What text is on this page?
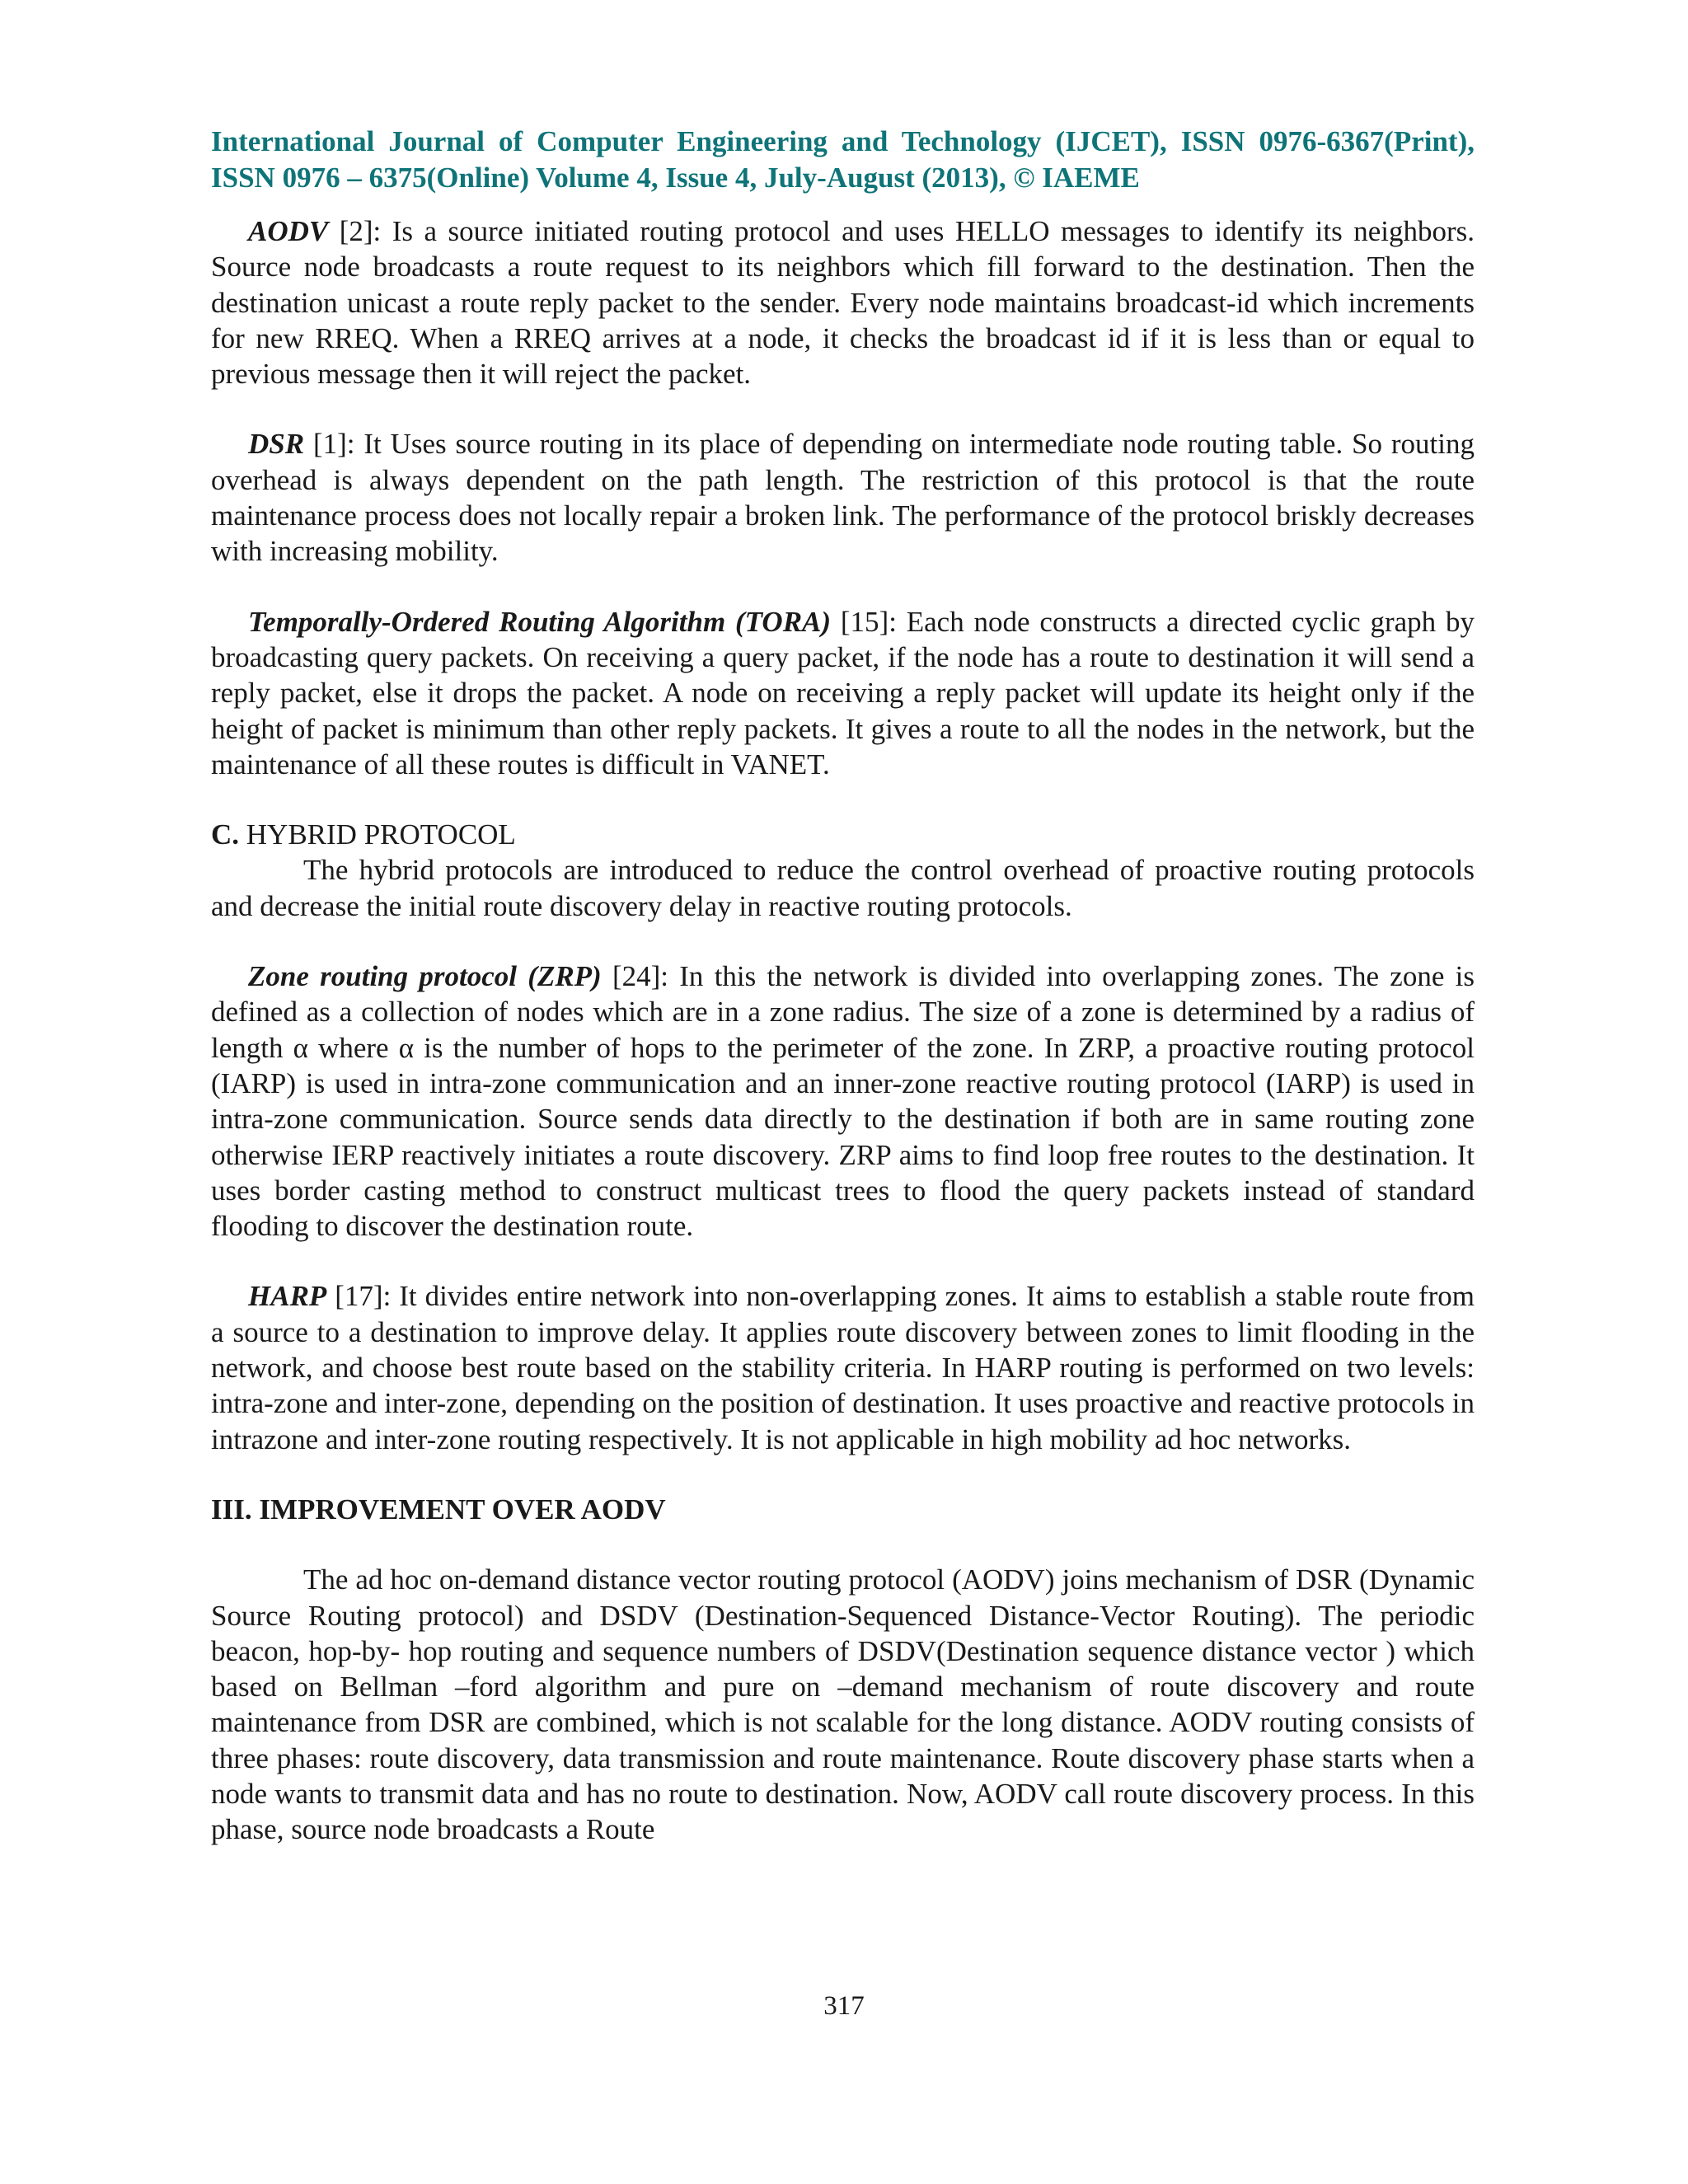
International Journal of Computer Engineering and Technology (IJCET), ISSN 0976-6367(Print), ISSN 0976 – 6375(Online) Volume 4, Issue 4, July-August (2013), © IAEME

AODV [2]: Is a source initiated routing protocol and uses HELLO messages to identify its neighbors. Source node broadcasts a route request to its neighbors which fill forward to the destination. Then the destination unicast a route reply packet to the sender. Every node maintains broadcast-id which increments for new RREQ. When a RREQ arrives at a node, it checks the broadcast id if it is less than or equal to previous message then it will reject the packet.

DSR [1]: It Uses source routing in its place of depending on intermediate node routing table. So routing overhead is always dependent on the path length. The restriction of this protocol is that the route maintenance process does not locally repair a broken link. The performance of the protocol briskly decreases with increasing mobility.

Temporally-Ordered Routing Algorithm (TORA) [15]: Each node constructs a directed cyclic graph by broadcasting query packets. On receiving a query packet, if the node has a route to destination it will send a reply packet, else it drops the packet. A node on receiving a reply packet will update its height only if the height of packet is minimum than other reply packets. It gives a route to all the nodes in the network, but the maintenance of all these routes is difficult in VANET.

C. HYBRID PROTOCOL

The hybrid protocols are introduced to reduce the control overhead of proactive routing protocols and decrease the initial route discovery delay in reactive routing protocols.

Zone routing protocol (ZRP) [24]: In this the network is divided into overlapping zones. The zone is defined as a collection of nodes which are in a zone radius. The size of a zone is determined by a radius of length α where α is the number of hops to the perimeter of the zone. In ZRP, a proactive routing protocol (IARP) is used in intra-zone communication and an inner-zone reactive routing protocol (IARP) is used in intra-zone communication. Source sends data directly to the destination if both are in same routing zone otherwise IERP reactively initiates a route discovery. ZRP aims to find loop free routes to the destination. It uses border casting method to construct multicast trees to flood the query packets instead of standard flooding to discover the destination route.

HARP [17]: It divides entire network into non-overlapping zones. It aims to establish a stable route from a source to a destination to improve delay. It applies route discovery between zones to limit flooding in the network, and choose best route based on the stability criteria. In HARP routing is performed on two levels: intra-zone and inter-zone, depending on the position of destination. It uses proactive and reactive protocols in intrazone and inter-zone routing respectively. It is not applicable in high mobility ad hoc networks.

III. IMPROVEMENT OVER AODV

The ad hoc on-demand distance vector routing protocol (AODV) joins mechanism of DSR (Dynamic Source Routing protocol) and DSDV (Destination-Sequenced Distance-Vector Routing). The periodic beacon, hop-by- hop routing and sequence numbers of DSDV(Destination sequence distance vector ) which based on Bellman –ford algorithm and pure on –demand mechanism of route discovery and route maintenance from DSR are combined, which is not scalable for the long distance. AODV routing consists of three phases: route discovery, data transmission and route maintenance. Route discovery phase starts when a node wants to transmit data and has no route to destination. Now, AODV call route discovery process. In this phase, source node broadcasts a Route

317
